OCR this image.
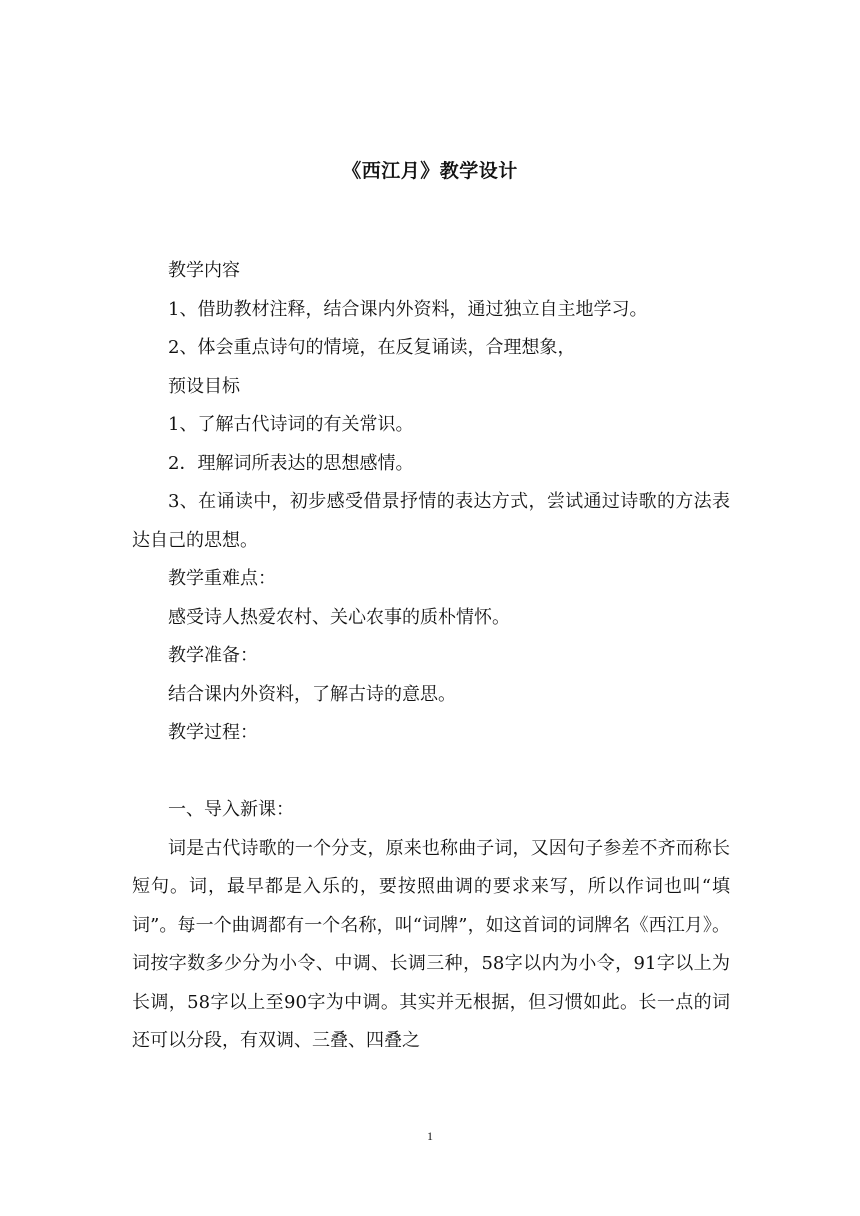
《西江月》教学设计

教学内容

1、借助教材注释，结合课内外资料，通过独立自主地学习。

2、体会重点诗句的情境，在反复诵读，合理想象，

预设目标

1、了解古代诗词的有关常识。

2．理解词所表达的思想感情。

3、在诵读中，初步感受借景抒情的表达方式，尝试通过诗歌的方法表达自己的思想。

教学重难点：

感受诗人热爱农村、关心农事的质朴情怀。

教学准备：

结合课内外资料，了解古诗的意思。

教学过程：

一、导入新课：

词是古代诗歌的一个分支，原来也称曲子词，又因句子参差不齐而称长短句。词，最早都是入乐的，要按照曲调的要求来写，所以作词也叫“填词”。每一个曲调都有一个名称，叫“词牌”，如这首词的词牌名《西江月》。词按字数多少分为小令、中调、长调三种，58字以内为小令，91字以上为长调，58字以上至90字为中调。其实并无根据，但习惯如此。长一点的词还可以分段，有双调、三叠、四叠之

1
